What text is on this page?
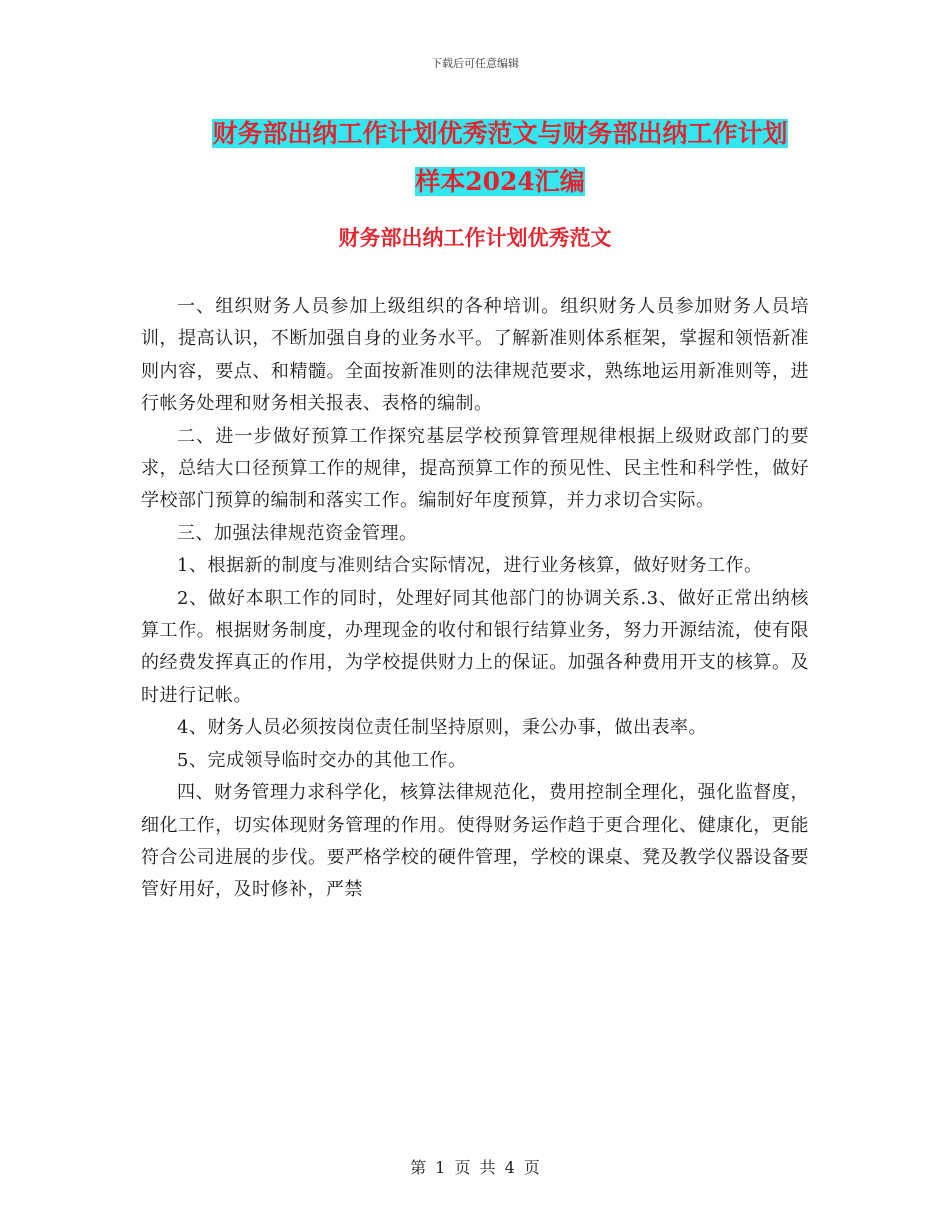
下载后可任意编辑
财务部出纳工作计划优秀范文与财务部出纳工作计划
样本2024汇编
财务部出纳工作计划优秀范文

一、组织财务人员参加上级组织的各种培训。组织财务人员参加财务人员培训，提高认识，不断加强自身的业务水平。了解新准则体系框架，掌握和领悟新准则内容，要点、和精髓。全面按新准则的法律规范要求，熟练地运用新准则等，进行帐务处理和财务相关报表、表格的编制。

二、进一步做好预算工作探究基层学校预算管理规律根据上级财政部门的要求，总结大口径预算工作的规律，提高预算工作的预见性、民主性和科学性，做好学校部门预算的编制和落实工作。编制好年度预算，并力求切合实际。

三、加强法律规范资金管理。

1、根据新的制度与准则结合实际情况，进行业务核算，做好财务工作。

2、做好本职工作的同时，处理好同其他部门的协调关系.3、做好正常出纳核算工作。根据财务制度，办理现金的收付和银行结算业务，努力开源结流，使有限的经费发挥真正的作用，为学校提供财力上的保证。加强各种费用开支的核算。及时进行记帐。

4、财务人员必须按岗位责任制坚持原则，秉公办事，做出表率。

5、完成领导临时交办的其他工作。

四、财务管理力求科学化，核算法律规范化，费用控制全理化，强化监督度，细化工作，切实体现财务管理的作用。使得财务运作趋于更合理化、健康化，更能符合公司进展的步伐。要严格学校的硬件管理，学校的课桌、凳及教学仪器设备要管好用好，及时修补，严禁

第 1 页 共 4 页
